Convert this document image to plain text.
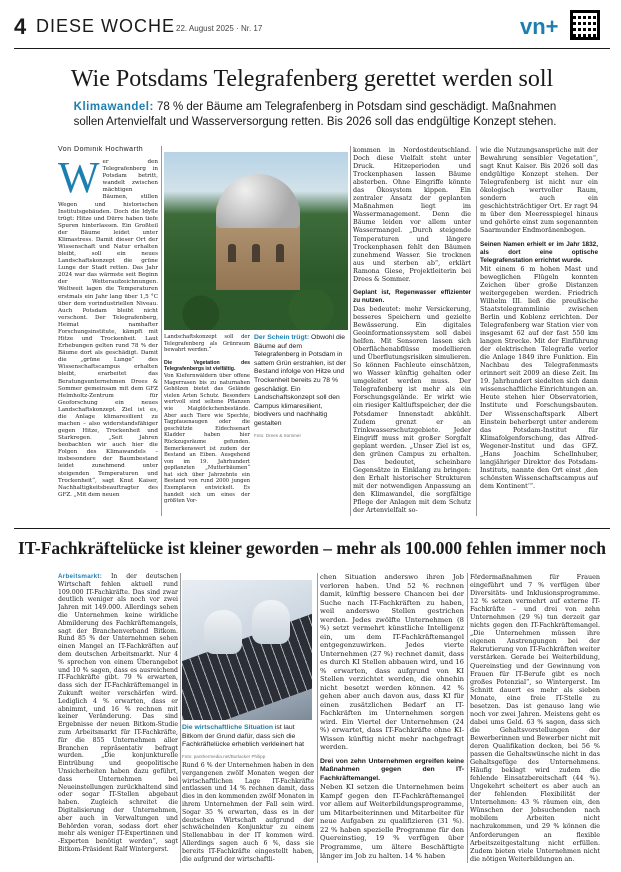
4 DIESE WOCHE 22. August 2025 · Nr. 17	vn+
Wie Potsdams Telegrafenberg gerettet werden soll
Klimawandel: 78 % der Bäume am Telegrafenberg in Potsdam sind geschädigt. Maßnahmen sollen Artenvielfalt und Wasserversorgung retten. Bis 2026 soll das endgültige Konzept stehen.
Von Dominik Hochwarth
W er den Telegrafenberg in Potsdam betritt, wandelt zwischen mächtigen Bäumen, stillen Wegen und historischen Institutsgebäuden. Doch die Idylle trügt: Hitze und Dürre haben tiefe Spuren hinterlassen. Ein Großteil der Bäume leidet unter Klimastress. Damit dieser Ort der Wissenschaft und Natur erhalten bleibt, soll ein neues Landschaftskonzept die grüne Lunge der Stadt retten. Das Jahr 2024 war das wärmste seit Beginn der Wetteraufzeichnungen. Weltweit lagen die Temperaturen erstmals ein Jahr lang über 1,5 °C über dem vorindustriellen Niveau. Auch Potsdam bleibt nicht verschont. Der Telegrafenberg, Heimat namhafter Forschungsinstitute, kämpft mit Hitze und Trockenheit. Laut Erhebungen gelten rund 78 % der Bäume dort als geschädigt. Damit die „grüne Lunge“ des Wissenschaftscampus erhalten bleibt, erarbeitet das Beratungsunternehmen Drees & Sommer gemeinsam mit dem GFZ Helmholtz-Zentrum für Geoforschung ein neues Landschaftskonzept. Ziel ist es, die Anlage klimaresilient zu machen – also widerstandsfähiger gegen Hitze, Trockenheit und Starkregen. „Seit Jahren beobachten wir auch hier die Folgen des Klimawandels – insbesondere der Baumbestand leidet zunehmend unter steigenden Temperaturen und Trockenheit“, sagt Knut Kaiser, Nachhaltigkeitsbeauftragter des GFZ. „Mit dem neuen

Landschaftskonzept soll der Telegrafenberg als Grünraum bewahrt werden.“

Die Vegetation des Telegrafenbergs ist vielfältig.

Von Kiefernwäldern über offene Magerrasen bis zu naturnahen Gehölzen bietet das Gelände vielen Arten Schutz. Besonders wertvoll sind seltene Pflanzen wie Maiglöckchenbestände. Aber auch Tiere wie Spechte, Tagpfauenaugen oder die geschützte Eidechsenart Kladder haben hier Rückzugsräume gefunden. Bemerkenswert ist zudem der Bestand an Eiben. Ausgehend von im 19. Jahrhundert gepflanzten „Mutterbäumen“ hat sich über Jahrzehnte ein Bestand von rund 2000 jungen Exemplaren entwickelt. Es handelt sich um eines der größten Vor-

Der Schein trügt: Obwohl die Bäume auf dem Telegrafenberg in Potsdam in sattem Grün erstrahlen, ist der Bestand infolge von Hitze und Trockenheit bereits zu 78 % geschädigt. Ein Landschaftskonzept soll den Campus klimaresilient, biodivers und nachhaltig gestalten
Foto: Drees & Sommer

kommen in Nordostdeutschland. Doch diese Vielfalt steht unter Druck. Hitzeperioden und Trockenphasen lassen Bäume absterben. Ohne Eingriffe könnte das Ökosystem kippen. Ein zentraler Ansatz der geplanten Maßnahmen liegt im Wassermanagement. Denn die Bäume leiden vor allem unter Wassermangel. „Durch steigende Temperaturen und längere Trockenphasen fehlt den Bäumen zunehmend Wasser. Sie trocknen aus und sterben ab“, erklärt Ramona Giese, Projektleiterin bei Drees & Sommer.

Geplant ist, Regenwasser effizienter zu nutzen.

Das bedeutet: mehr Versickerung, besseres Speichern und gezielte Bewässerung. Ein digitales Geoinformationssystem soll dabei helfen. Mit Sensoren lassen sich Oberflächenabflüsse modellieren und Überflutungsrisiken simulieren. So können Fachleute einschätzen, wo Wasser künftig gehalten oder umgeleitet werden muss. Der Telegrafenberg ist mehr als ein Forschungsgelände. Er wirkt wie ein riesiger Kaltluftspeicher, der die Potsdamer Innenstadt abkühlt. Zudem grenzt er an Trinkwasserschutzgebiete. Jeder Eingriff muss mit großer Sorgfalt geplant werden. „Unser Ziel ist es, den grünen Campus zu erhalten. Das bedeutet, scheinbare Gegensätze in Einklang zu bringen: den Erhalt historischer Strukturen mit der notwendigen Anpassung an den Klimawandel, die sorgfältige Pflege der Anlagen mit dem Schutz der Artenvielfalt so-

wie die Nutzungsansprüche mit der Bewahrung sensibler Vegetation“, sagt Knut Kaiser. Bis 2026 soll das endgültige Konzept stehen. Der Telegrafenberg ist nicht nur ein ökologisch wertvoller Raum, sondern auch ein geschichtsträchtiger Ort. Er ragt 94 m über den Meeresspiegel hinaus und gehörte einst zum sogenannten Saarmunder Endmoränenbogen.

Seinen Namen erhielt er im Jahr 1832, als dort eine optische Telegrafenstation errichtet wurde.

Mit einem 6 m hohen Mast und beweglichen Flügeln konnten Zeichen über große Distanzen weitergegeben werden. Friedrich Wilhelm III. ließ die preußische Staatstelegrammlinie zwischen Berlin und Koblenz errichten. Der Telegrafenberg war Station vier von insgesamt 62 auf der fast 550 km langen Strecke. Mit der Einführung der elektrischen Telegrafie verlor die Anlage 1849 ihre Funktion. Ein Nachbau des Telegrafenmasts erinnert seit 2009 an diese Zeit. Im 19. Jahrhundert siedelten sich dann wissenschaftliche Einrichtungen an. Heute stehen hier Observatorien, Institute und Forschungsbauten. Der Wissenschaftspark Albert Einstein beherbergt unter anderem das Potsdam-Institut für Klimafolgenforschung, das Alfred-Wegener-Institut und das GFZ. „Hans Joachim Schellnhuber, langjähriger Direktor des Potsdam-Instituts, nannte den Ort einst ‚den schönsten Wissenschaftscampus auf dem Kontinent‘“.

IT-Fachkräftelücke ist kleiner geworden – mehr als 100.000 fehlen immer noch

Arbeitsmarkt: In der deutschen Wirtschaft fehlen aktuell rund 109.000 IT-Fachkräfte. Das sind zwar deutlich weniger als noch vor zwei Jahren mit 149.000. Allerdings sehen die Unternehmen keine wirkliche Abmilderung des Fachkräftemangels, sagt der Branchenverband Bitkom. Rund 85 % der Unternehmen sehen einen Mangel an IT-Fachkräften auf dem deutschen Arbeitsmarkt. Nur 4 % sprechen von einem Überangebot und 10 % sagen, dass es ausreichend IT-Fachkräfte gibt. 79 % erwarten, dass sich der IT-Fachkräftemangel in Zukunft weiter verschärfen wird. Lediglich 4 % erwarten, dass er abnimmt, und 16 % rechnen mit keiner Veränderung. Das sind Ergebnisse der neuen Bitkom-Studie zum Arbeitsmarkt für IT-Fachkräfte, für die 855 Unternehmen aller Branchen repräsentativ befragt wurden. „Die konjunkturelle Eintrübung und geopolitische Unsicherheiten haben dazu geführt, dass Unternehmen bei Neueinstellungen zurückhaltend sind oder sogar IT-Stellen abgebaut haben. Zugleich schreitet die Digitalisierung der Unternehmen, aber auch in Verwaltungen und Behörden voran, sodass dort eher mehr als weniger IT-Expertinnen und -Experten benötigt werden“, sagt Bitkom-Präsident Ralf Wintergerst.

Die wirtschaftliche Situation ist laut Bitkom der Grund dafür, dass sich die Fachkräftelücke erheblich verkleinert hat
Foto: panthermedia.net/Burlacker Philipp

Rund 6 % der Unternehmen haben in den vergangenen zwölf Monaten wegen der wirtschaftlichen Lage IT-Fachkräfte entlassen und 14 % rechnen damit, dass dies in den kommenden zwölf Monaten in ihrem Unternehmen der Fall sein wird. Sogar 35 % erwarten, dass es in der deutschen Wirtschaft aufgrund der schwächelnden Konjunktur zu einem Stellenabbau in der IT kommen wird. Allerdings sagen auch 6 %, dass sie bereits IT-Fachkräfte eingestellt haben, die aufgrund der wirtschaftli-

chen Situation anderswo ihren Job verloren haben. Und 52 % rechnen damit, künftig bessere Chancen bei der Suche nach IT-Fachkräften zu haben, weil anderswo Stellen gestrichen werden. Jedes zwölfte Unternehmen (8 %) setzt vermehrt künstliche Intelligenz ein, um dem IT-Fachkräftemangel entgegenzuwirken. Jedes vierte Unternehmen (27 %) rechnet damit, dass es durch KI Stellen abbauen wird, und 16 % erwarten, dass aufgrund von KI Stellen verzichtet werden, die ohnehin nicht besetzt werden können. 42 % gehen aber auch davon aus, dass KI für einen zusätzlichen Bedarf an IT-Fachkräften im Unternehmen sorgen wird. Ein Viertel der Unternehmen (24 %) erwartet, dass IT-Fachkräfte ohne KI-Wissen künftig nicht mehr nachgefragt werden.

Drei von zehn Unternehmen ergreifen keine Maßnahmen gegen den IT-Fachkräftemangel.

Neben KI setzen die Unternehmen beim Kampf gegen den IT-Fachkräftemangel vor allem auf Weiterbildungsprogramme, um Mitarbeiterinnen und Mitarbeiter für neue Aufgaben zu qualifizieren (31 %). 22 % haben spezielle Programme für den Quereinstieg, 19 % verfügen über Programme, um ältere Beschäftigte länger im Job zu halten. 14 % haben

Fördermaßnahmen für Frauen eingeführt und 7 % verfügen über Diversitäts- und Inklusionsprogramme. 12 % setzen vermehrt auf externe IT-Fachkräfte – und drei von zehn Unternehmen (29 %) tun derzeit gar nichts gegen den IT-Fachkräftemangel. „Die Unternehmen müssen ihre eigenen Anstrengungen bei der Rekrutierung von IT-Fachkräften weiter verstärken. Gerade bei Weiterbildung, Quereinstieg und der Gewinnung von Frauen für IT-Berufe gibt es noch großes Potenzial“, so Wintergerst. Im Schnitt dauert es mehr als sieben Monate, eine freie IT-Stelle zu besetzen. Das ist genauso lang wie noch vor zwei Jahren. Meistens geht es dabei ums Geld. 63 % sagen, dass sich die Gehaltsvorstellungen der Bewerberinnen und Bewerber nicht mit deren Qualifikation decken, bei 56 % passen die Gehaltswünsche nicht in das Gehaltsgefüge des Unternehmens. Häufig beklagt wird zudem die fehlende Einsatzbereitschaft (44 %). Ungekehrt scheitert es aber auch an der fehlenden Flexibilität der Unternehmen: 43 % räumen ein, den Wünschen der Jobsuchenden nach mobilem Arbeiten nicht nachzukommen, und 29 % können die Anforderungen an flexible Arbeitszeitgestaltung nicht erfüllen. Zudem bieten viele Unternehmen nicht die nötigen Weiterbildungen an.
